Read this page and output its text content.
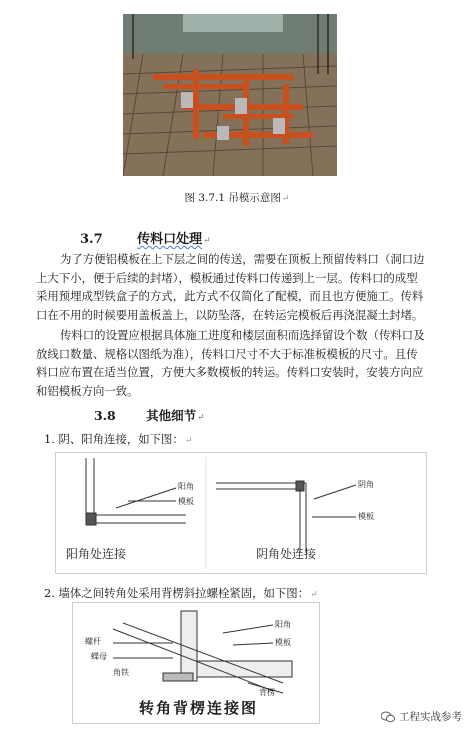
图 3.7.1 吊模示意图↵
3.7	传料口处理↵
为了方便铝模板在上下层之间的传送，需要在顶板上预留传料口（洞口边
上大下小，便于后续的封堵），模板通过传料口传递到上一层。传料口的成型
采用预埋成型铁盒子的方式，此方式不仅简化了配模，而且也方便施工。传料
口在不用的时候要用盖板盖上，以防坠落，在转运完模板后再浇混凝土封堵。
传料口的设置应根据具体施工进度和楼层面积而选择留设个数（传料口及
放线口数量、规格以图纸为准），传料口尺寸不大于标准板模板的尺寸。且传
料口应布置在适当位置，方便大多数模板的转运。传料口安装时，安装方向应
和铝模板方向一致。
3.8 其他细节↵
1. 阴、阳角连接，如下图：↵
阳角处连接	阴角处连接
阳角
模板
阴角
模板
2. 墙体之间转角处采用背楞斜拉螺栓紧固，如下图：↵
螺杆
蝶母
角铁
阳角
模板
背楞
转角背楞连接图	工程实战参考
